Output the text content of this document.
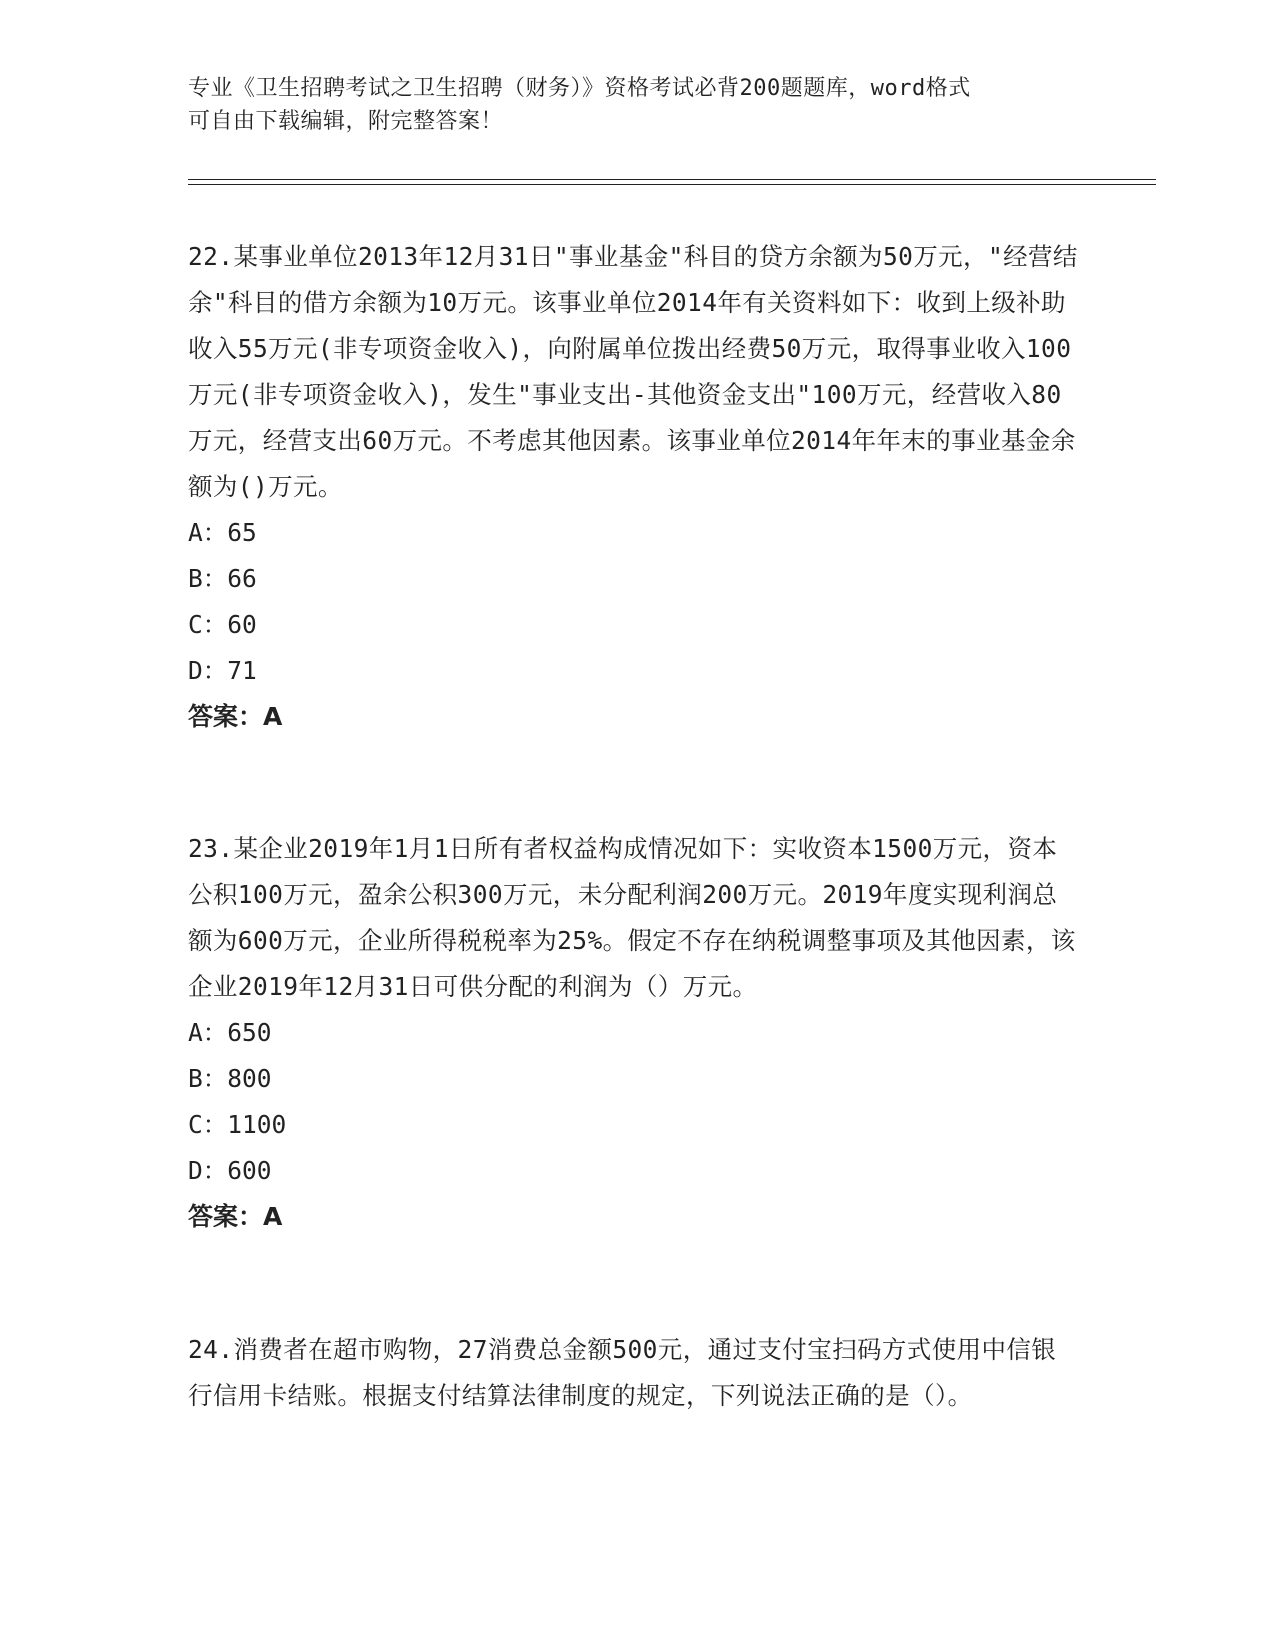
专业《卫生招聘考试之卫生招聘（财务）》资格考试必背200题题库，word格式
可自由下载编辑，附完整答案！
22.某事业单位2013年12月31日"事业基金"科目的贷方余额为50万元，"经营结余"科目的借方余额为10万元。该事业单位2014年有关资料如下：收到上级补助收入55万元(非专项资金收入)，向附属单位拨出经费50万元，取得事业收入100万元(非专项资金收入)，发生"事业支出-其他资金支出"100万元，经营收入80万元，经营支出60万元。不考虑其他因素。该事业单位2014年年末的事业基金余额为()万元。
A：65
B：66
C：60
D：71
答案：A
23.某企业2019年1月1日所有者权益构成情况如下：实收资本1500万元，资本公积100万元，盈余公积300万元，未分配利润200万元。2019年度实现利润总额为600万元，企业所得税税率为25%。假定不存在纳税调整事项及其他因素，该企业2019年12月31日可供分配的利润为（）万元。
A：650
B：800
C：1100
D：600
答案：A
24.消费者在超市购物，27消费总金额500元，通过支付宝扫码方式使用中信银行信用卡结账。根据支付结算法律制度的规定，下列说法正确的是（）。
